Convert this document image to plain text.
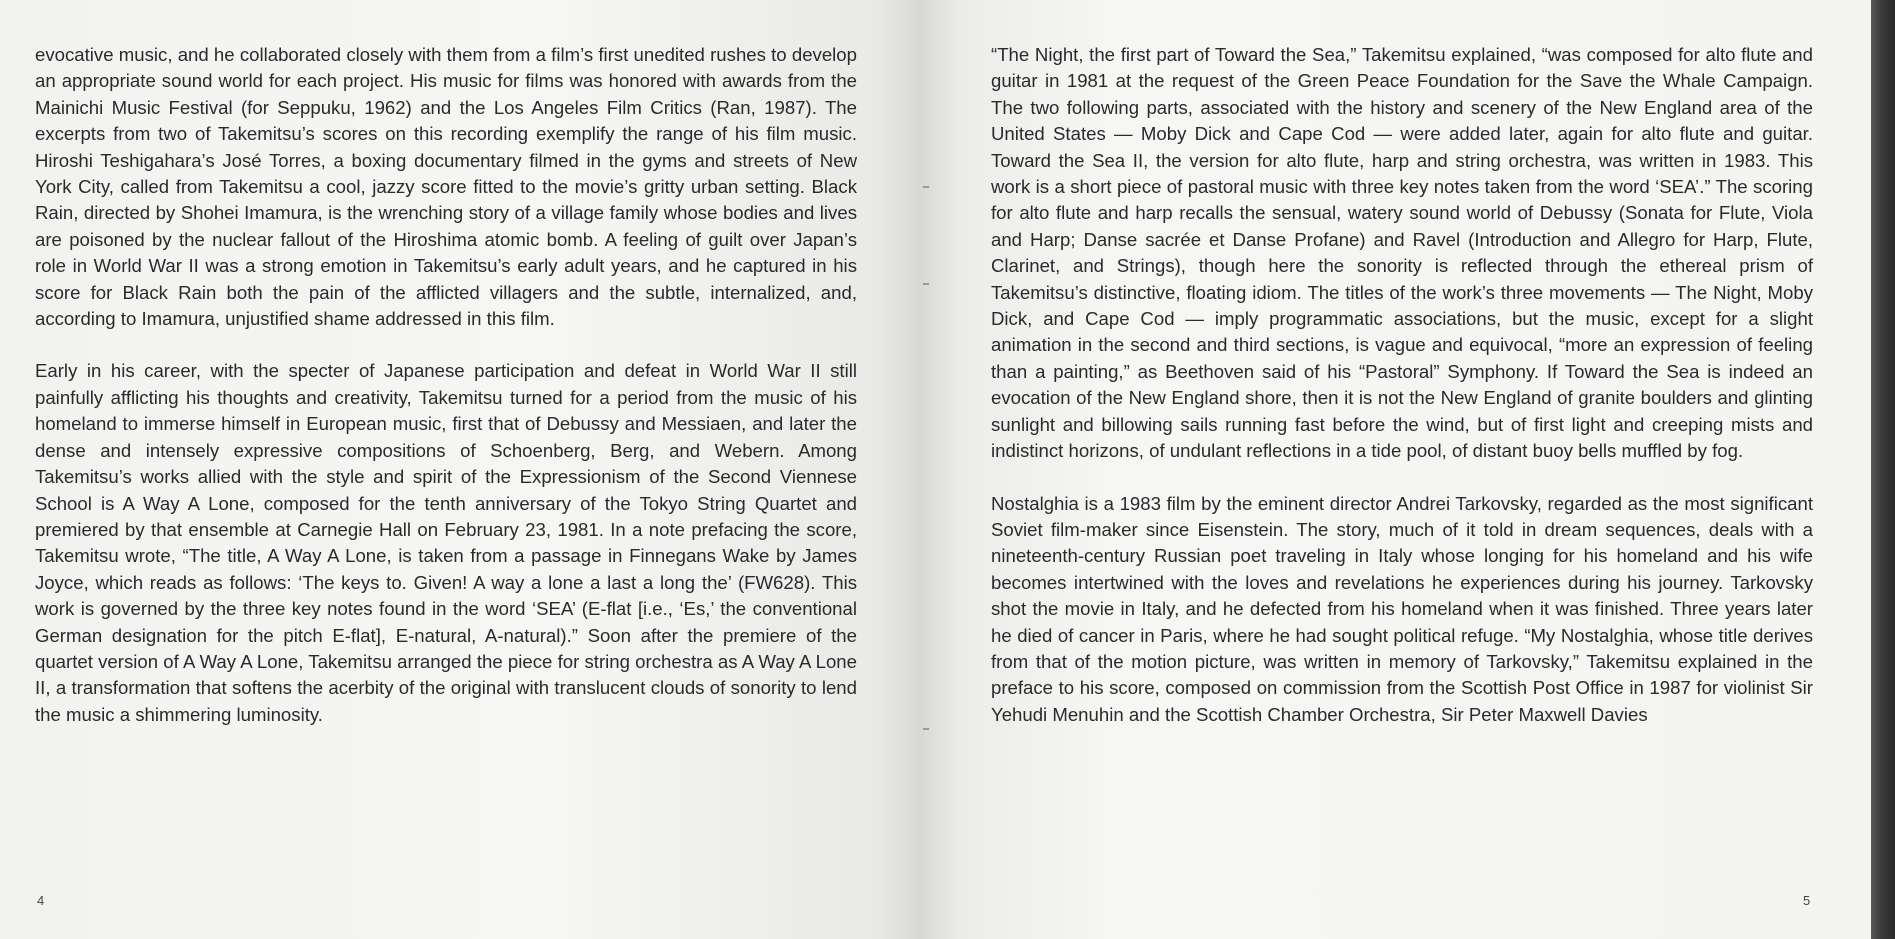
evocative music, and he collaborated closely with them from a film’s first unedited rushes to develop an appropriate sound world for each project. His music for films was honored with awards from the Mainichi Music Festival (for Seppuku, 1962) and the Los Angeles Film Critics (Ran, 1987). The excerpts from two of Takemitsu’s scores on this recording exemplify the range of his film music. Hiroshi Teshigahara’s José Torres, a boxing documentary filmed in the gyms and streets of New York City, called from Takemitsu a cool, jazzy score fitted to the movie’s gritty urban setting. Black Rain, directed by Shohei Imamura, is the wrenching story of a village family whose bodies and lives are poisoned by the nuclear fallout of the Hiroshima atomic bomb. A feeling of guilt over Japan’s role in World War II was a strong emotion in Takemitsu’s early adult years, and he captured in his score for Black Rain both the pain of the afflicted villagers and the subtle, internalized, and, according to Imamura, unjustified shame addressed in this film.

Early in his career, with the specter of Japanese participation and defeat in World War II still painfully afflicting his thoughts and creativity, Takemitsu turned for a period from the music of his homeland to immerse himself in European music, first that of Debussy and Messiaen, and later the dense and intensely expressive compositions of Schoenberg, Berg, and Webern. Among Takemitsu’s works allied with the style and spirit of the Expressionism of the Second Viennese School is A Way A Lone, composed for the tenth anniversary of the Tokyo String Quartet and premiered by that ensemble at Carnegie Hall on February 23, 1981. In a note prefacing the score, Takemitsu wrote, “The title, A Way A Lone, is taken from a passage in Finnegans Wake by James Joyce, which reads as follows: ‘The keys to. Given! A way a lone a last a long the’ (FW628). This work is governed by the three key notes found in the word ‘SEA’ (E-flat [i.e., ‘Es,’ the conventional German designation for the pitch E-flat], E-natural, A-natural).” Soon after the premiere of the quartet version of A Way A Lone, Takemitsu arranged the piece for string orchestra as A Way A Lone II, a transformation that softens the acerbity of the original with translucent clouds of sonority to lend the music a shimmering luminosity.

4

“The Night, the first part of Toward the Sea,” Takemitsu explained, “was composed for alto flute and guitar in 1981 at the request of the Green Peace Foundation for the Save the Whale Campaign. The two following parts, associated with the history and scenery of the New England area of the United States — Moby Dick and Cape Cod — were added later, again for alto flute and guitar. Toward the Sea II, the version for alto flute, harp and string orchestra, was written in 1983. This work is a short piece of pastoral music with three key notes taken from the word ‘SEA’.” The scoring for alto flute and harp recalls the sensual, watery sound world of Debussy (Sonata for Flute, Viola and Harp; Danse sacrée et Danse Profane) and Ravel (Introduction and Allegro for Harp, Flute, Clarinet, and Strings), though here the sonority is reflected through the ethereal prism of Takemitsu’s distinctive, floating idiom. The titles of the work’s three movements — The Night, Moby Dick, and Cape Cod — imply programmatic associations, but the music, except for a slight animation in the second and third sections, is vague and equivocal, “more an expression of feeling than a painting,” as Beethoven said of his “Pastoral” Symphony. If Toward the Sea is indeed an evocation of the New England shore, then it is not the New England of granite boulders and glinting sunlight and billowing sails running fast before the wind, but of first light and creeping mists and indistinct horizons, of undulant reflections in a tide pool, of distant buoy bells muffled by fog.

Nostalghia is a 1983 film by the eminent director Andrei Tarkovsky, regarded as the most significant Soviet film-maker since Eisenstein. The story, much of it told in dream sequences, deals with a nineteenth-century Russian poet traveling in Italy whose longing for his homeland and his wife becomes intertwined with the loves and revelations he experiences during his journey. Tarkovsky shot the movie in Italy, and he defected from his homeland when it was finished. Three years later he died of cancer in Paris, where he had sought political refuge. “My Nostalghia, whose title derives from that of the motion picture, was written in memory of Tarkovsky,” Takemitsu explained in the preface to his score, composed on commission from the Scottish Post Office in 1987 for violinist Sir Yehudi Menuhin and the Scottish Chamber Orchestra, Sir Peter Maxwell Davies

5
